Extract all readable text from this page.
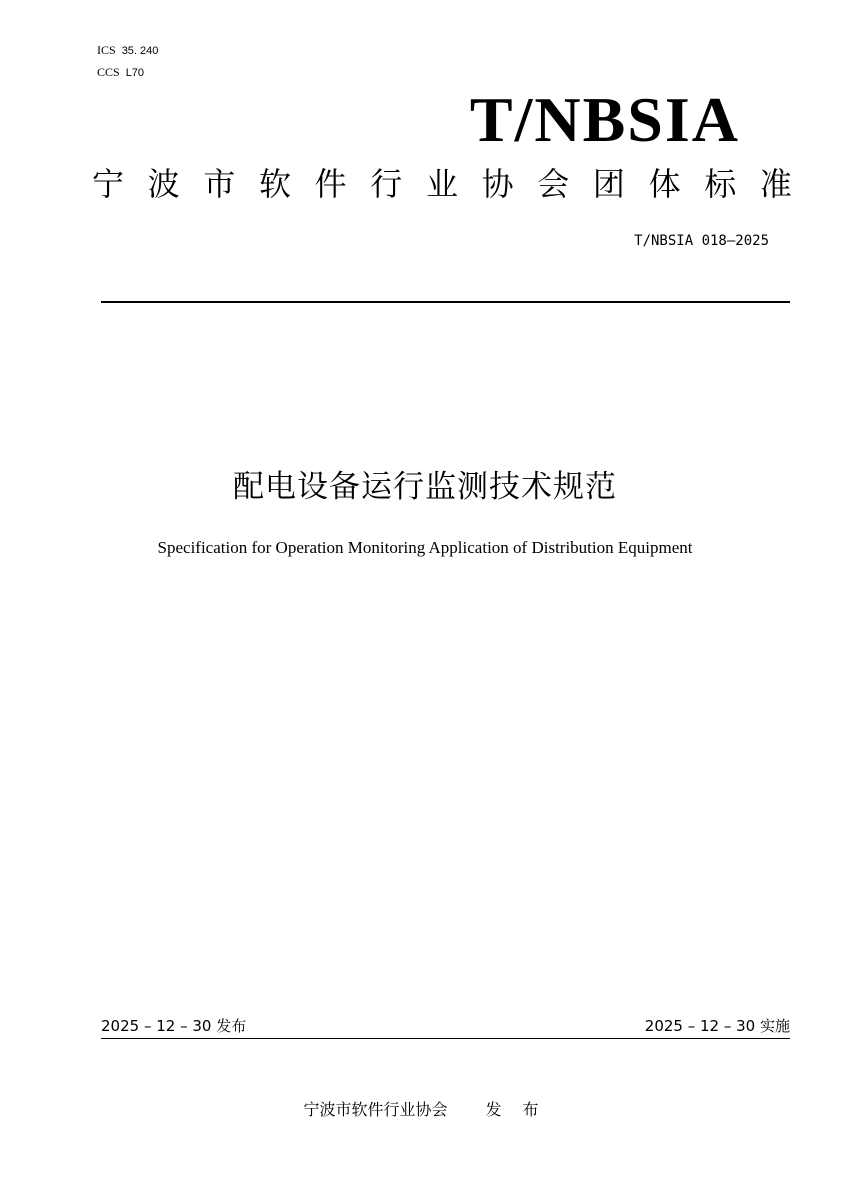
ICS 35. 240
CCS L70
T/NBSIA
宁 波 市 软 件 行 业 协 会 团 体 标 准
T/NBSIA 018—2025
配电设备运行监测技术规范
Specification for Operation Monitoring Application of Distribution Equipment
2025 – 12 – 30 发布	2025 – 12 – 30 实施
宁波市软件行业协会 发 布
